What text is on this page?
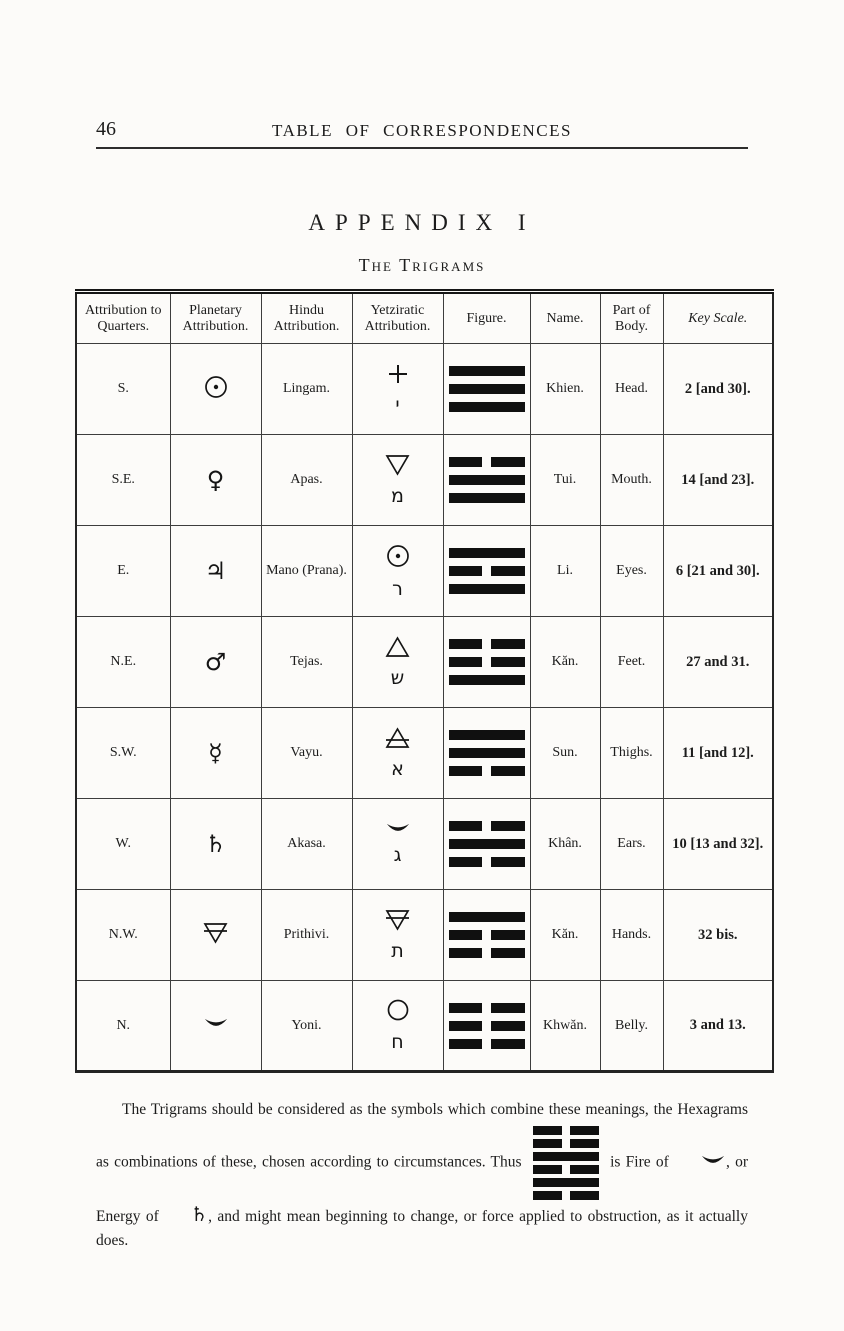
46	TABLE OF CORRESPONDENCES
APPENDIX I
The Trigrams
Attribution to Quarters.	Planetary Attribution.	Hindu Attribution.	Yetziratic Attribution.	Figure.	Name.	Part of Body.	Key Scale.
S.		Lingam.	י		Khien.	Head.	2 [and 30].
S.E.	♀	Apas.	מ		Tui.	Mouth.	14 [and 23].
E.	♃	Mano (Prana).	ר		Li.	Eyes.	6 [21 and 30].
N.E.	♂	Tejas.	ש		Kăn.	Feet.	27 and 31.
S.W.	☿	Vayu.	א		Sun.	Thighs.	11 [and 12].
W.	♄	Akasa.	ג		Khân.	Ears.	10 [13 and 32].
N.W.		Prithivi.	ת		Kăn.	Hands.	32 bis.
N.		Yoni.	ח		Khwăn.	Belly.	3 and 13.

The Trigrams should be considered as the symbols which combine these meanings, the Hexagrams as combinations of these, chosen according to circumstances. Thus	is Fire of	, or Energy of ♄, and might mean beginning to change, or force applied to obstruction, as it actually does.
